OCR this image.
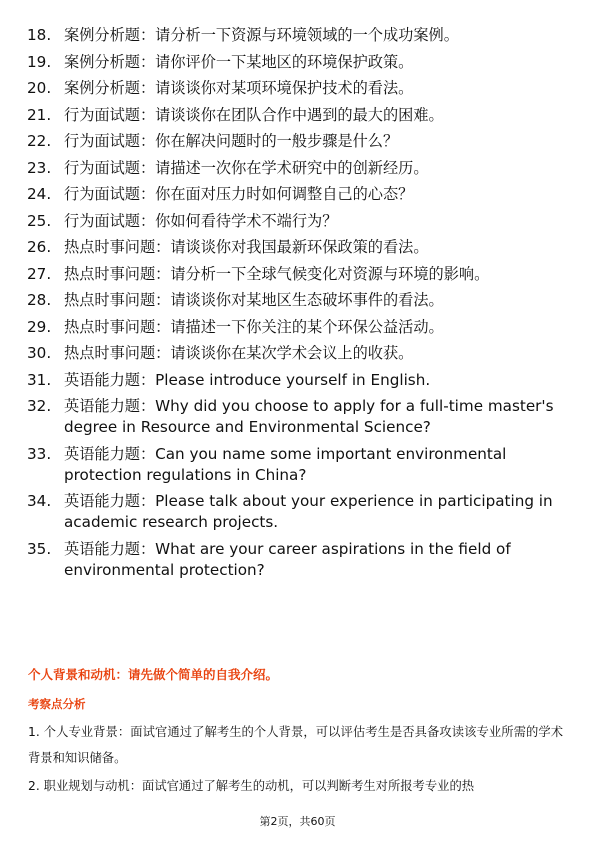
18. 案例分析题：请分析一下资源与环境领域的一个成功案例。
19. 案例分析题：请你评价一下某地区的环境保护政策。
20. 案例分析题：请谈谈你对某项环境保护技术的看法。
21. 行为面试题：请谈谈你在团队合作中遇到的最大的困难。
22. 行为面试题：你在解决问题时的一般步骤是什么？
23. 行为面试题：请描述一次你在学术研究中的创新经历。
24. 行为面试题：你在面对压力时如何调整自己的心态？
25. 行为面试题：你如何看待学术不端行为？
26. 热点时事问题：请谈谈你对我国最新环保政策的看法。
27. 热点时事问题：请分析一下全球气候变化对资源与环境的影响。
28. 热点时事问题：请谈谈你对某地区生态破坏事件的看法。
29. 热点时事问题：请描述一下你关注的某个环保公益活动。
30. 热点时事问题：请谈谈你在某次学术会议上的收获。
31. 英语能力题：Please introduce yourself in English.
32. 英语能力题：Why did you choose to apply for a full-time master's degree in Resource and Environmental Science?
33. 英语能力题：Can you name some important environmental protection regulations in China?
34. 英语能力题：Please talk about your experience in participating in academic research projects.
35. 英语能力题：What are your career aspirations in the field of environmental protection?
个人背景和动机：请先做个简单的自我介绍。
考察点分析

1. 个人专业背景：面试官通过了解考生的个人背景，可以评估考生是否具备攻读该专业所需的学术背景和知识储备。

2. 职业规划与动机：面试官通过了解考生的动机，可以判断考生对所报考专业的热

第2页，共60页
